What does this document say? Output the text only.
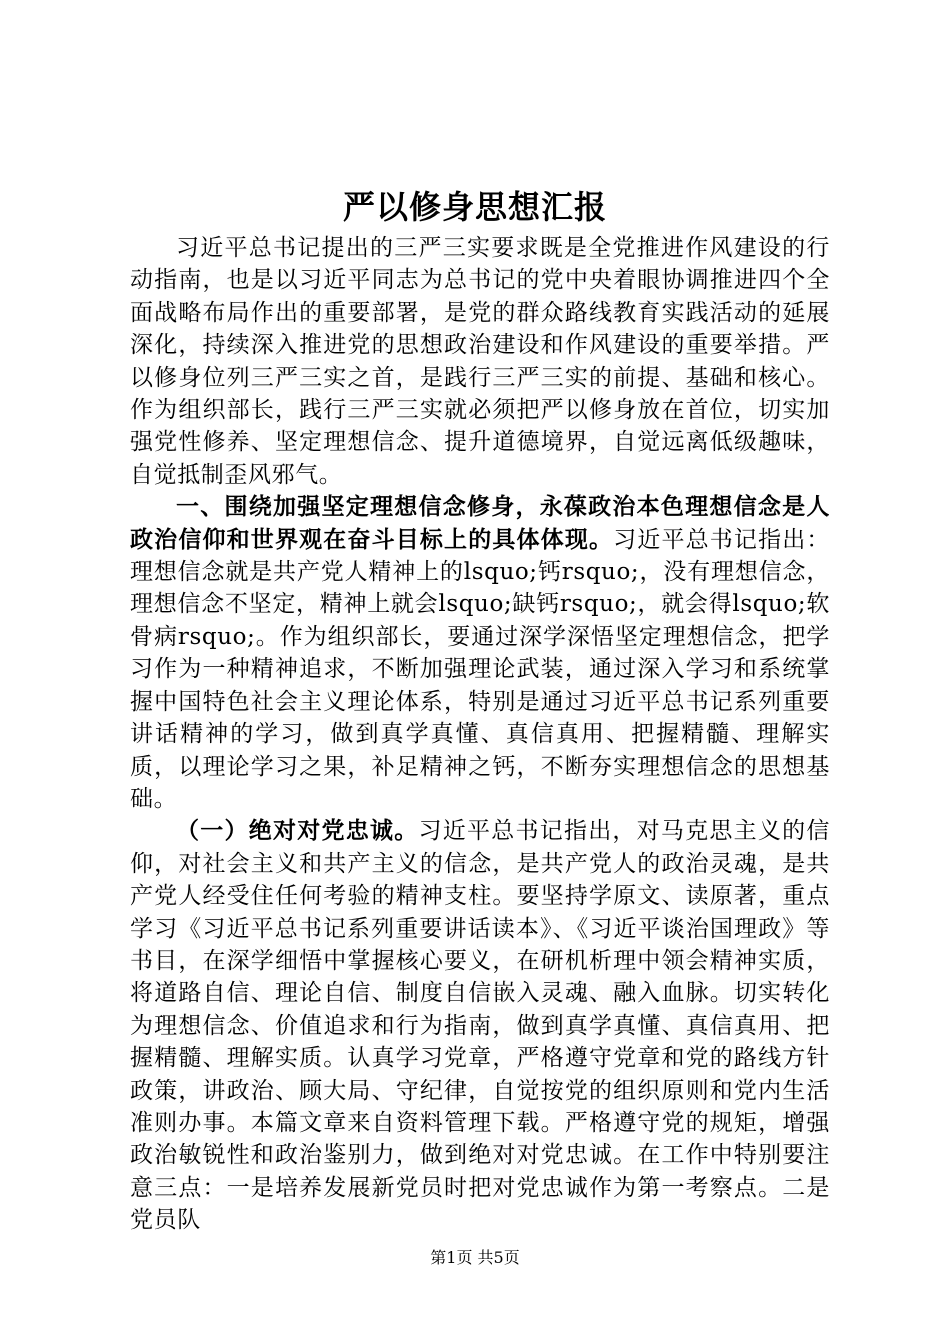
严以修身思想汇报

习近平总书记提出的三严三实要求既是全党推进作风建设的行动指南，也是以习近平同志为总书记的党中央着眼协调推进四个全面战略布局作出的重要部署，是党的群众路线教育实践活动的延展深化，持续深入推进党的思想政治建设和作风建设的重要举措。严以修身位列三严三实之首，是践行三严三实的前提、基础和核心。作为组织部长，践行三严三实就必须把严以修身放在首位，切实加强党性修养、坚定理想信念、提升道德境界，自觉远离低级趣味，自觉抵制歪风邪气。

一、围绕加强坚定理想信念修身，永葆政治本色理想信念是人政治信仰和世界观在奋斗目标上的具体体现。习近平总书记指出：理想信念就是共产党人精神上的lsquo;钙rsquo;，没有理想信念，理想信念不坚定，精神上就会lsquo;缺钙rsquo;，就会得lsquo;软骨病rsquo;。作为组织部长，要通过深学深悟坚定理想信念，把学习作为一种精神追求，不断加强理论武装，通过深入学习和系统掌握中国特色社会主义理论体系，特别是通过习近平总书记系列重要讲话精神的学习，做到真学真懂、真信真用、把握精髓、理解实质，以理论学习之果，补足精神之钙，不断夯实理想信念的思想基础。

（一）绝对对党忠诚。习近平总书记指出，对马克思主义的信仰，对社会主义和共产主义的信念，是共产党人的政治灵魂，是共产党人经受住任何考验的精神支柱。要坚持学原文、读原著，重点学习《习近平总书记系列重要讲话读本》、《习近平谈治国理政》等书目，在深学细悟中掌握核心要义，在研机析理中领会精神实质，将道路自信、理论自信、制度自信嵌入灵魂、融入血脉。切实转化为理想信念、价值追求和行为指南，做到真学真懂、真信真用、把握精髓、理解实质。认真学习党章，严格遵守党章和党的路线方针政策，讲政治、顾大局、守纪律，自觉按党的组织原则和党内生活准则办事。本篇文章来自资料管理下载。严格遵守党的规矩，增强政治敏锐性和政治鉴别力，做到绝对对党忠诚。在工作中特别要注意三点：一是培养发展新党员时把对党忠诚作为第一考察点。二是党员队

第1页 共5页
